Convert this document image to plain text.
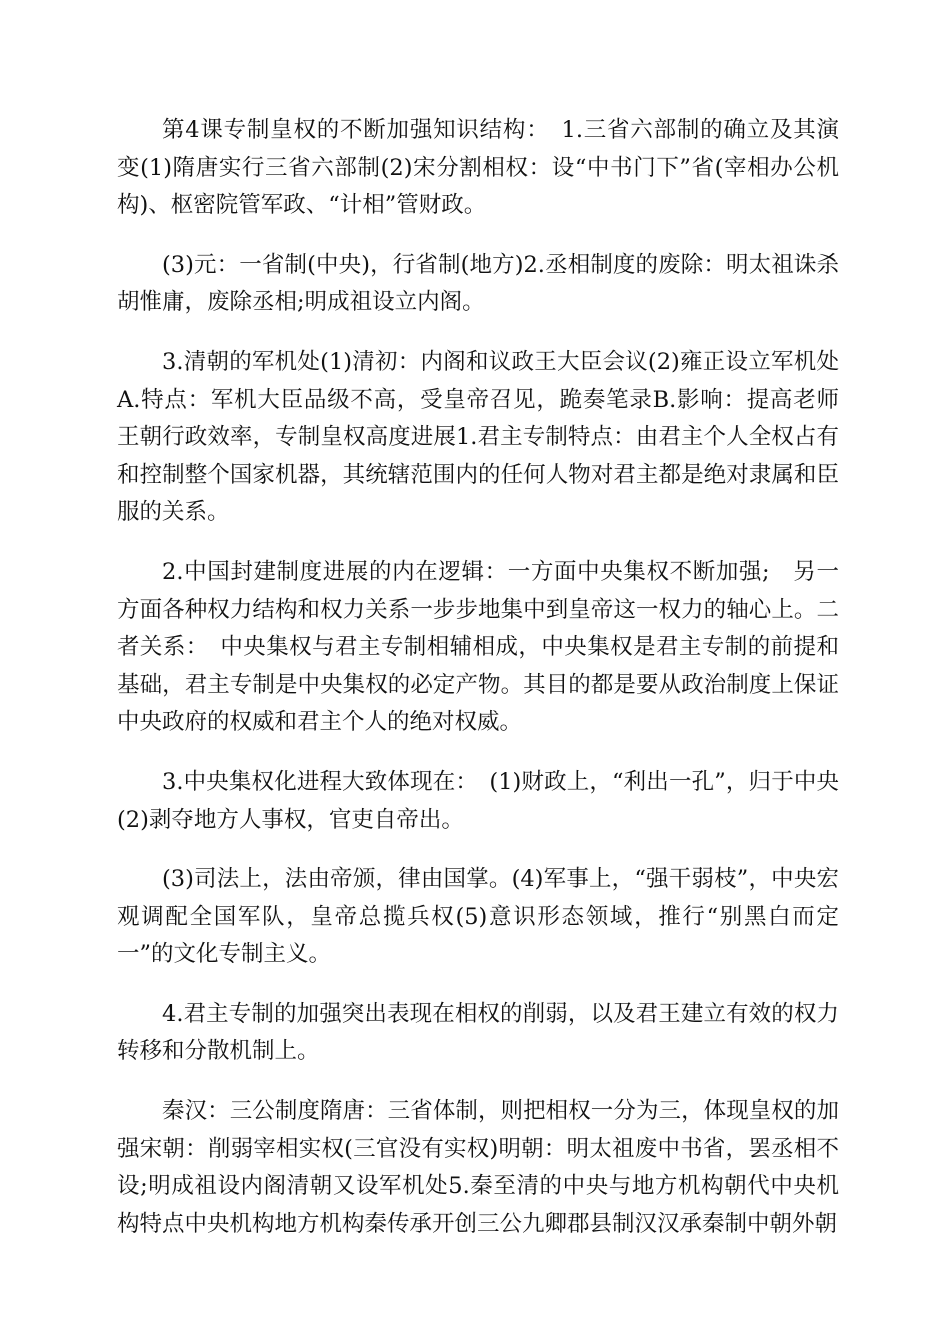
第4课专制皇权的不断加强知识结构：　1.三省六部制的确立及其演变(1)隋唐实行三省六部制(2)宋分割相权：设“中书门下”省(宰相办公机构)、枢密院管军政、“计相”管财政。

(3)元：一省制(中央)，行省制(地方)2.丞相制度的废除：明太祖诛杀胡惟庸，废除丞相;明成祖设立内阁。

3.清朝的军机处(1)清初：内阁和议政王大臣会议(2)雍正设立军机处A.特点：军机大臣品级不高，受皇帝召见，跪奏笔录B.影响：提高老师王朝行政效率，专制皇权高度进展1.君主专制特点：由君主个人全权占有和控制整个国家机器，其统辖范围内的任何人物对君主都是绝对隶属和臣服的关系。

2.中国封建制度进展的内在逻辑：一方面中央集权不断加强;　另一方面各种权力结构和权力关系一步步地集中到皇帝这一权力的轴心上。二者关系：　中央集权与君主专制相辅相成，中央集权是君主专制的前提和基础，君主专制是中央集权的必定产物。其目的都是要从政治制度上保证中央政府的权威和君主个人的绝对权威。

3.中央集权化进程大致体现在：　(1)财政上，“利出一孔”，归于中央(2)剥夺地方人事权，官吏自帝出。

(3)司法上，法由帝颁，律由国掌。(4)军事上，“强干弱枝”，中央宏观调配全国军队，皇帝总揽兵权(5)意识形态领域，推行“别黑白而定一”的文化专制主义。

4.君主专制的加强突出表现在相权的削弱，以及君王建立有效的权力转移和分散机制上。

秦汉：三公制度隋唐：三省体制，则把相权一分为三，体现皇权的加强宋朝：削弱宰相实权(三官没有实权)明朝：明太祖废中书省，罢丞相不设;明成祖设内阁清朝又设军机处5.秦至清的中央与地方机构朝代中央机构特点中央机构地方机构秦传承开创三公九卿郡县制汉汉承秦制中朝外朝
